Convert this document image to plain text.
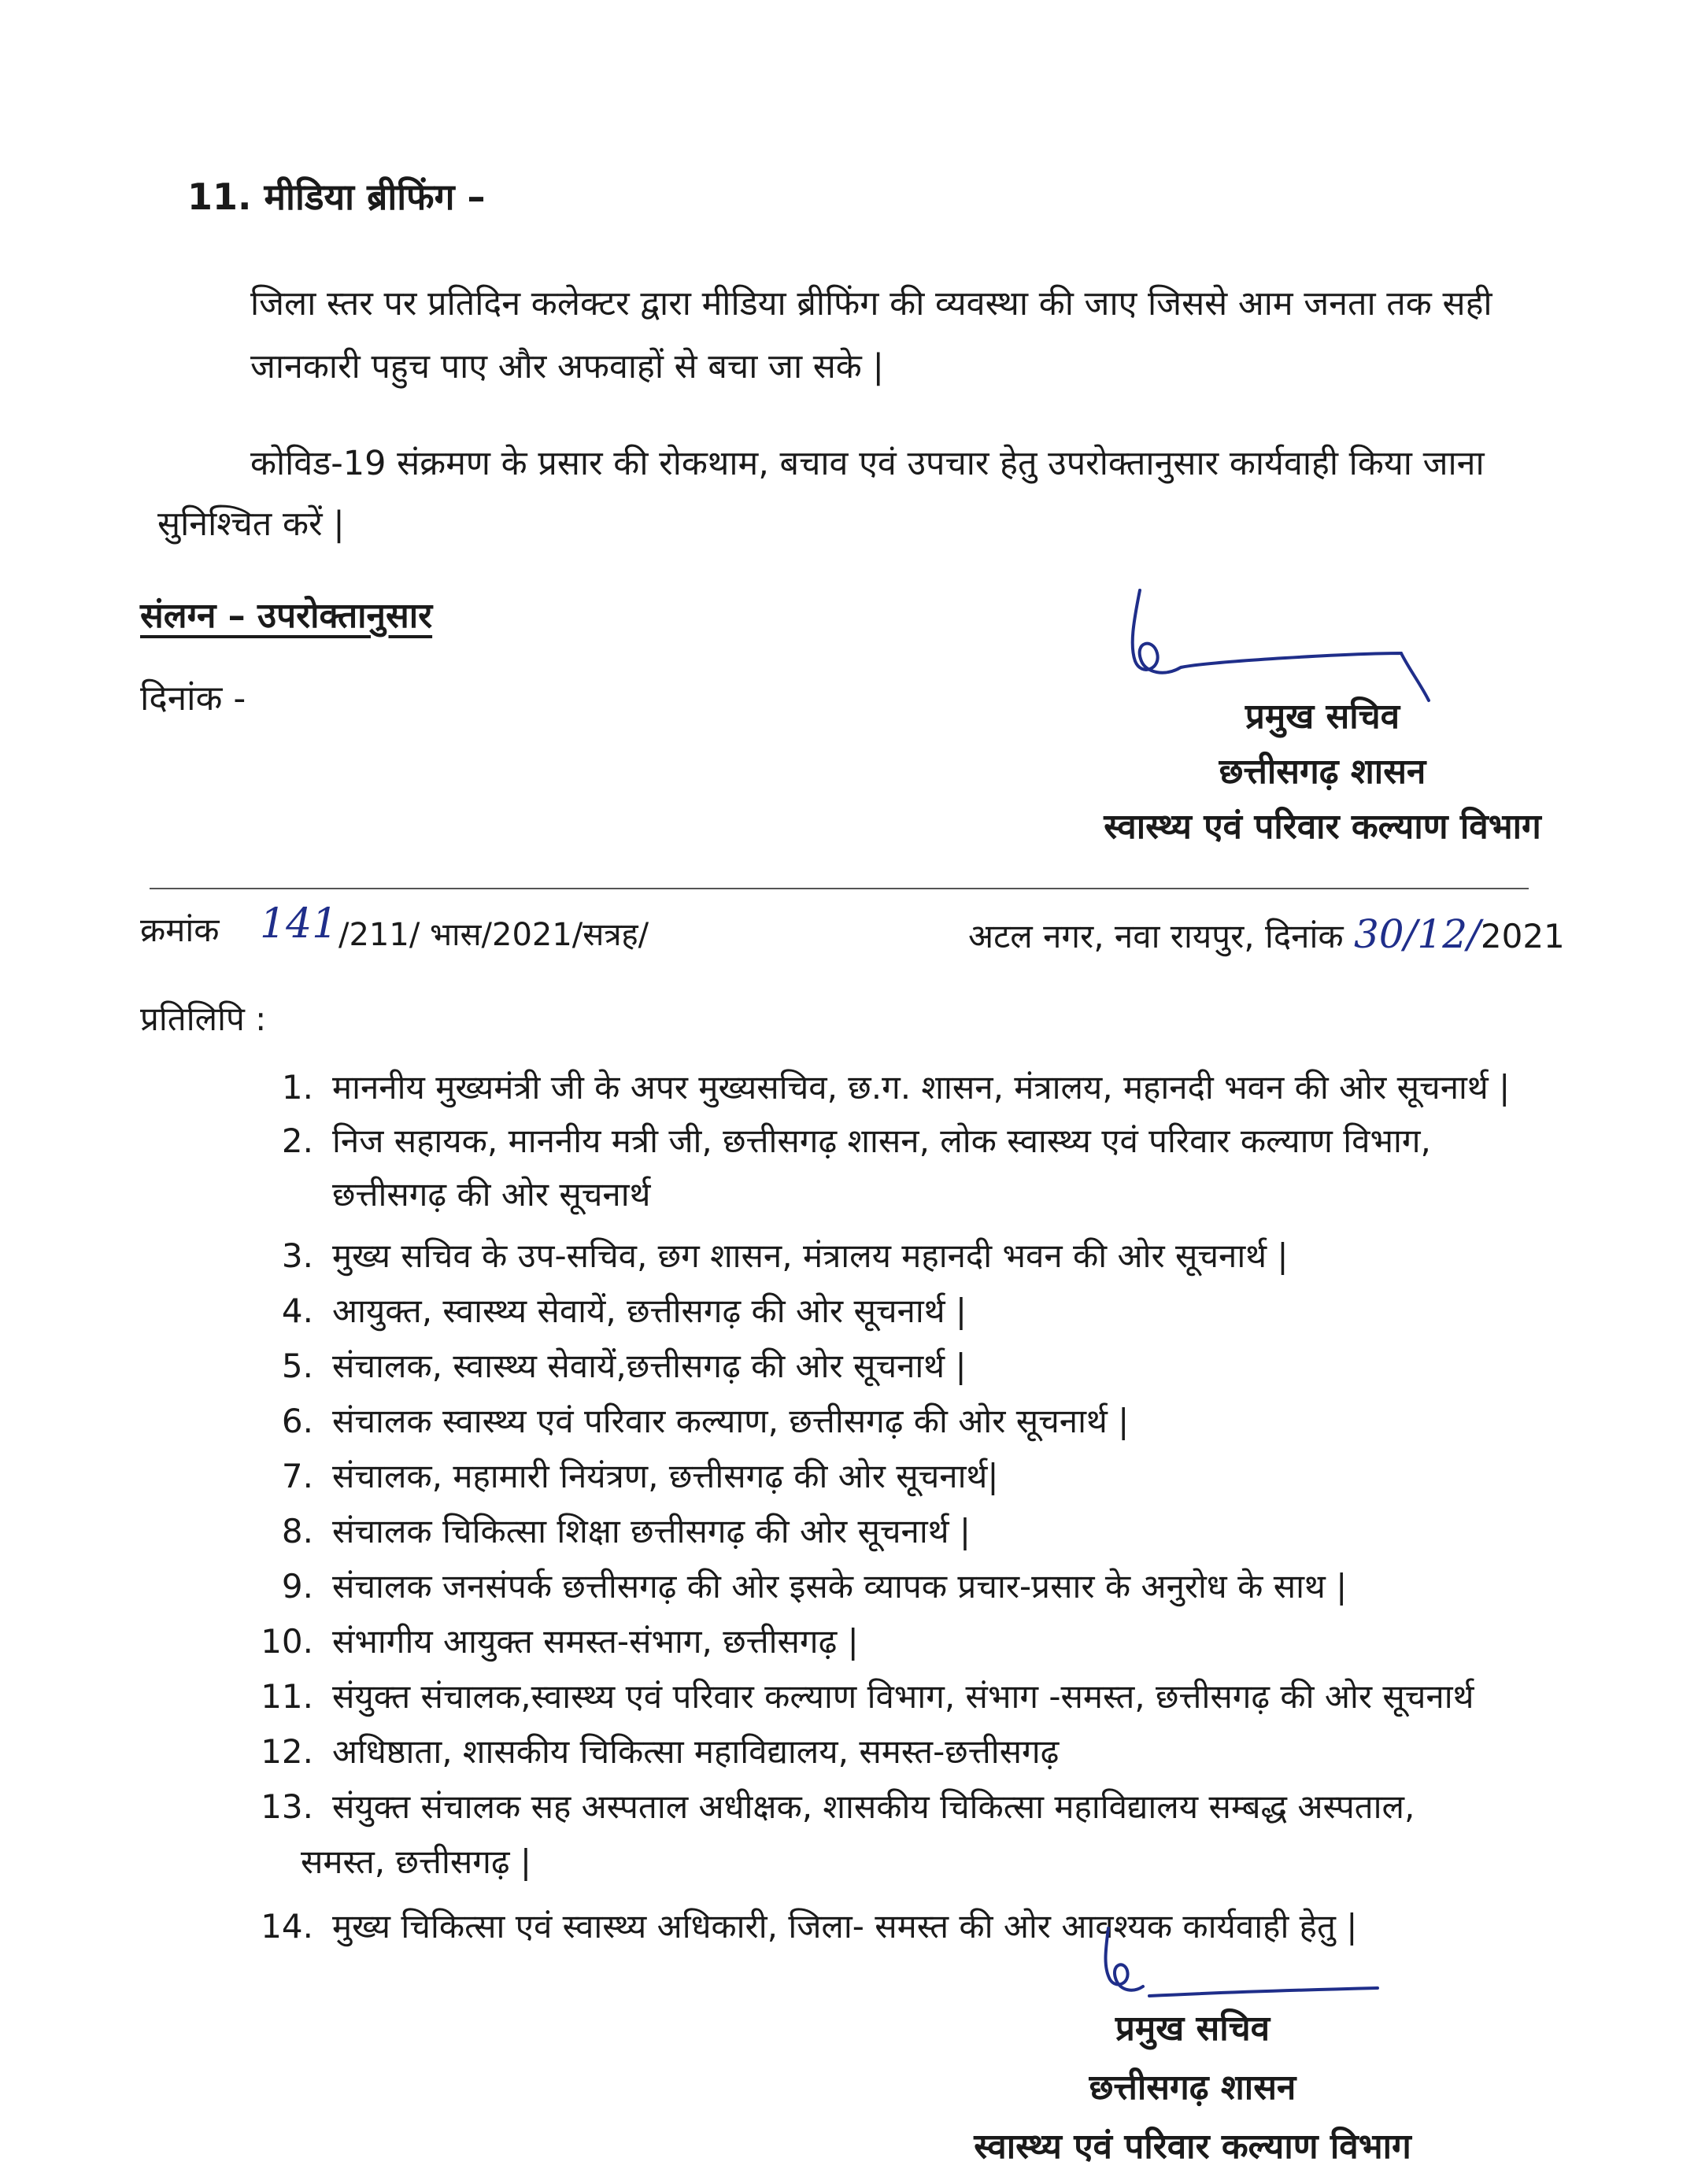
11. मीडिया ब्रीफिंग –
जिला स्तर पर प्रतिदिन कलेक्टर द्वारा मीडिया ब्रीफिंग की व्यवस्था की जाए जिससे आम जनता तक सही
जानकारी पहुच पाए और अफवाहों से बचा जा सके |
कोविड-19 संक्रमण के प्रसार की रोकथाम, बचाव एवं उपचार हेतु उपरोक्तानुसार कार्यवाही किया जाना
सुनिश्चित करें |
संलग्न – उपरोक्तानुसार
दिनांक -	प्रमुख सचिव
छत्तीसगढ़ शासन
स्वास्थ्य एवं परिवार कल्याण विभाग
क्रमांक 141 /211/ भास/2021/सत्रह/	अटल नगर, नवा रायपुर, दिनांक 30/12/2021
प्रतिलिपि :
1. माननीय मुख्यमंत्री जी के अपर मुख्यसचिव, छ.ग. शासन, मंत्रालय, महानदी भवन की ओर सूचनार्थ |
2. निज सहायक, माननीय मत्री जी, छत्तीसगढ़ शासन, लोक स्वास्थ्य एवं परिवार कल्याण विभाग,
छत्तीसगढ़ की ओर सूचनार्थ
3. मुख्य सचिव के उप-सचिव, छग शासन, मंत्रालय महानदी भवन की ओर सूचनार्थ |
4. आयुक्त, स्वास्थ्य सेवायें, छत्तीसगढ़ की ओर सूचनार्थ |
5. संचालक, स्वास्थ्य सेवायें,छत्तीसगढ़ की ओर सूचनार्थ |
6. संचालक स्वास्थ्य एवं परिवार कल्याण, छत्तीसगढ़ की ओर सूचनार्थ |
7. संचालक, महामारी नियंत्रण, छत्तीसगढ़ की ओर सूचनार्थ|
8. संचालक चिकित्सा शिक्षा छत्तीसगढ़ की ओर सूचनार्थ |
9. संचालक जनसंपर्क छत्तीसगढ़ की ओर इसके व्यापक प्रचार-प्रसार के अनुरोध के साथ |
10. संभागीय आयुक्त समस्त-संभाग, छत्तीसगढ़ |
11. संयुक्त संचालक,स्वास्थ्य एवं परिवार कल्याण विभाग, संभाग -समस्त, छत्तीसगढ़ की ओर सूचनार्थ
12. अधिष्ठाता, शासकीय चिकित्सा महाविद्यालय, समस्त-छत्तीसगढ़
13. संयुक्त संचालक सह अस्पताल अधीक्षक, शासकीय चिकित्सा महाविद्यालय सम्बद्ध अस्पताल,
समस्त, छत्तीसगढ़ |
14. मुख्य चिकित्सा एवं स्वास्थ्य अधिकारी, जिला- समस्त की ओर आवश्यक कार्यवाही हेतु |
प्रमुख सचिव
छत्तीसगढ़ शासन
स्वास्थ्य एवं परिवार कल्याण विभाग
